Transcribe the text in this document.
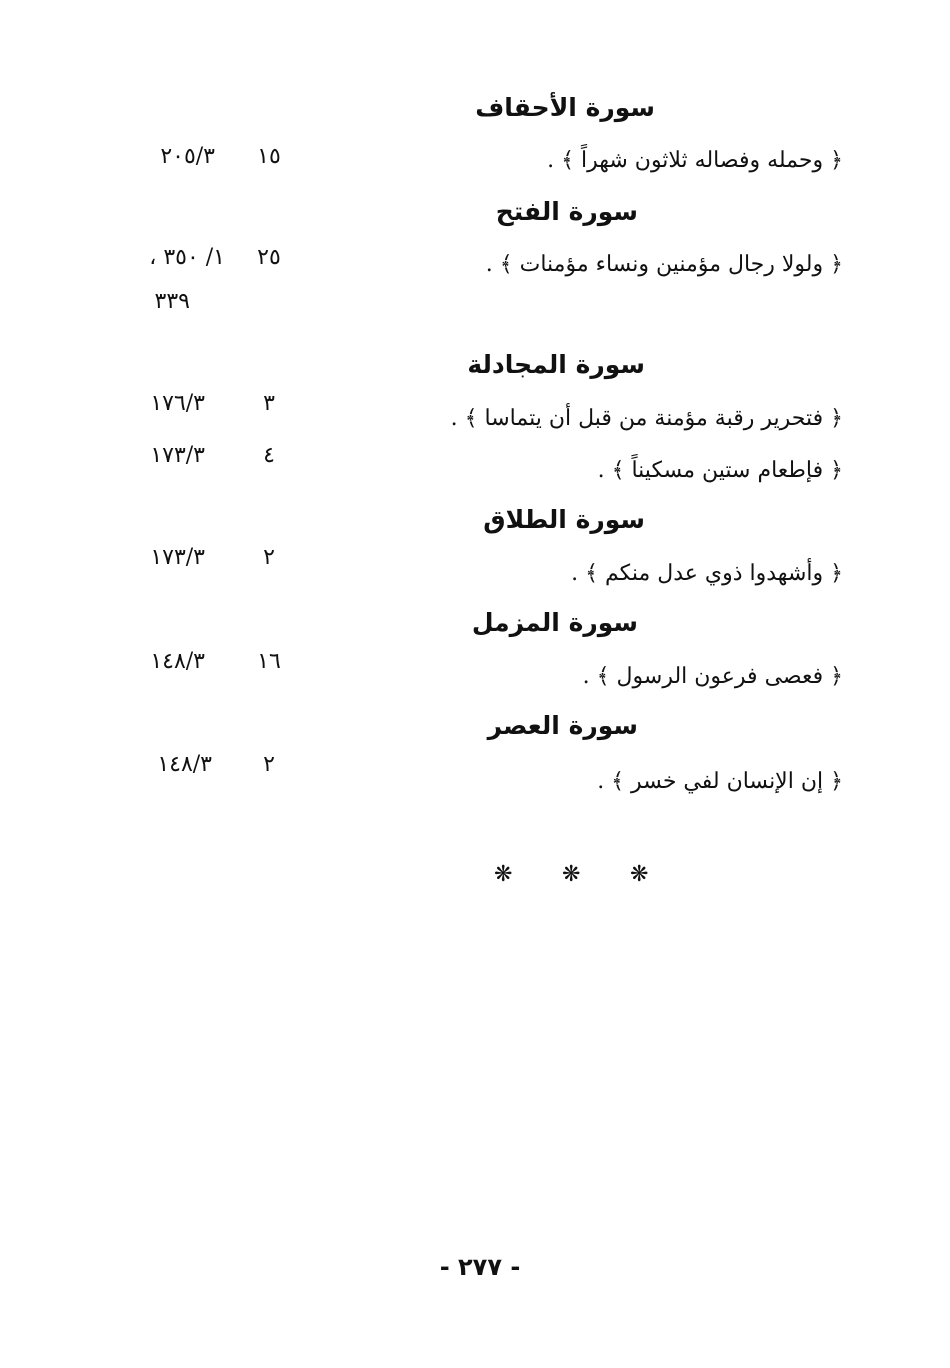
سورة الأحقاف
﴿ وحمله وفصاله ثلاثون شهراً ﴾ .
١٥
٢٠٥/٣
سورة الفتح
﴿ ولولا رجال مؤمنين ونساء مؤمنات ﴾ .
٢٥
١/ ٣٥٠ ،
٣٣٩
سورة المجادلة
﴿ فتحرير رقبة مؤمنة من قبل أن يتماسا ﴾ .
٣
١٧٦/٣
﴿ فإطعام ستين مسكيناً ﴾ .
٤
١٧٣/٣
سورة الطلاق
﴿ وأشهدوا ذوي عدل منكم ﴾ .
٢
١٧٣/٣
سورة المزمل
﴿ فعصى فرعون الرسول ﴾ .
١٦
١٤٨/٣
سورة العصر
﴿ إن الإنسان لفي خسر ﴾ .
٢
١٤٨/٣
❋ ❋ ❋
- ٢٧٧ -
